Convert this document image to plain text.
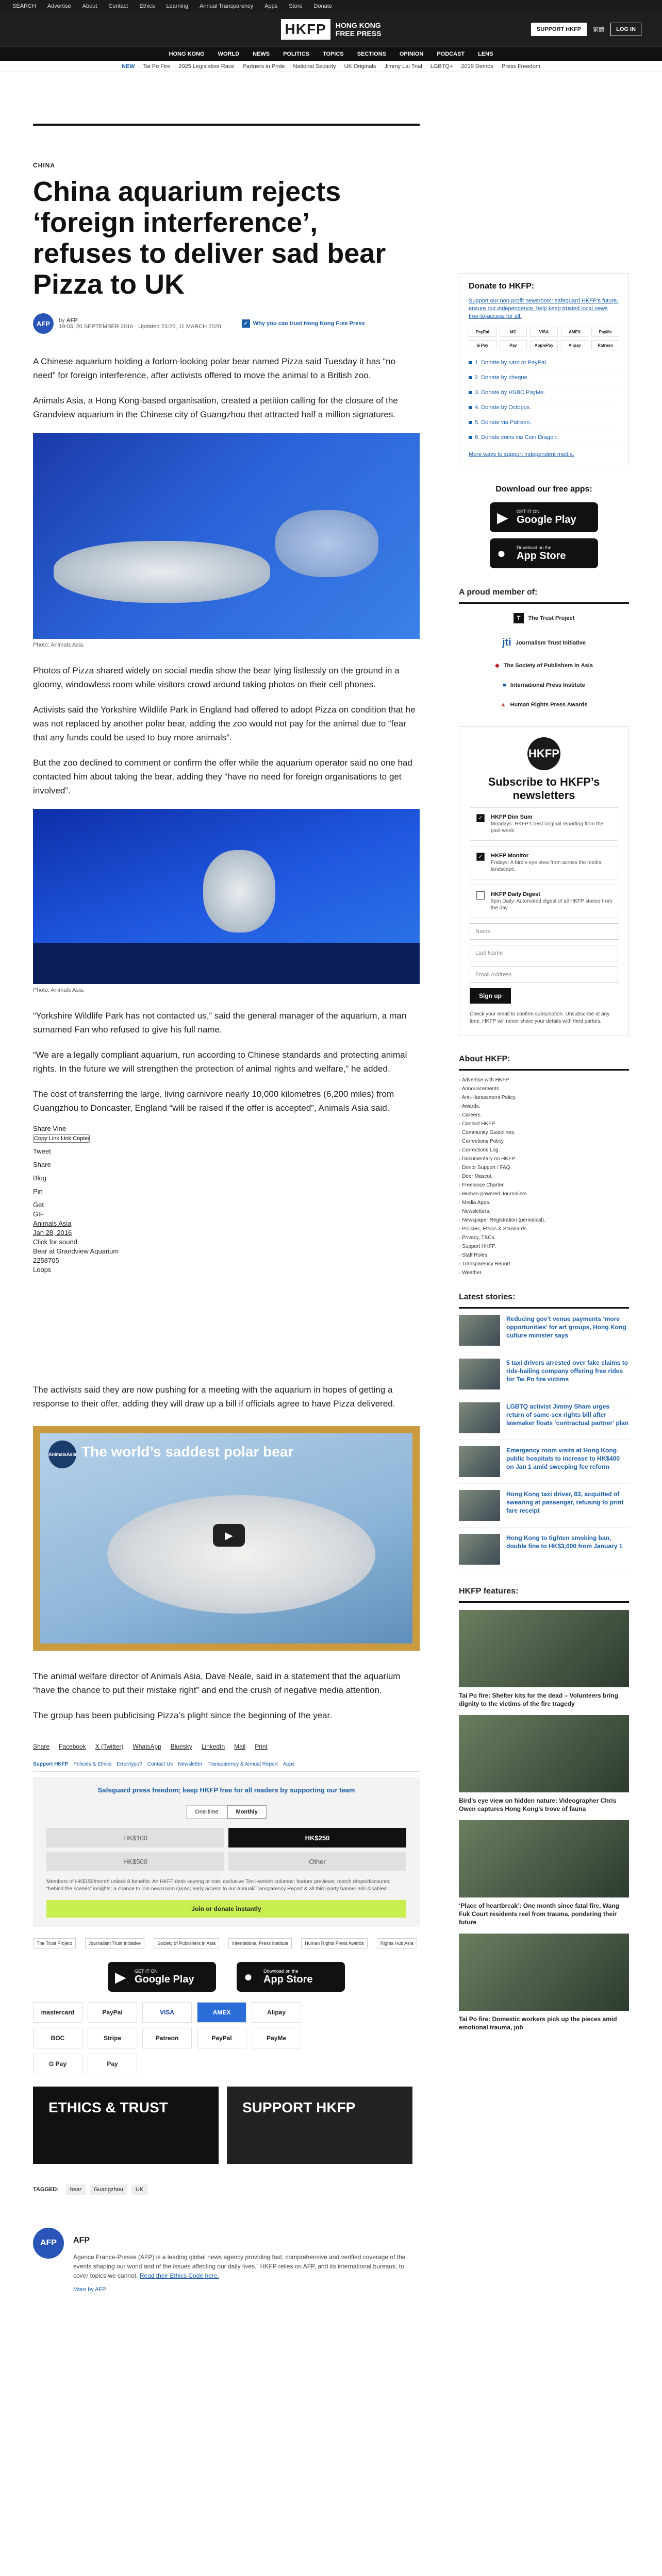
SEARCH Advertise About Contact Ethics Learning Annual Transparency Apps Store Donate
HKFP	HONG KONG
FREE PRESS	SUPPORT HKFP	繁體	LOG IN
HONG KONG WORLD NEWS POLITICS TOPICS SECTIONS OPINION PODCAST LENS
NEW Tai Po Fire 2025 Legislative Race Partners in Pride National Security UK Originals Jimmy Lai Trial LGBTQ+ 2019 Demos Press Freedom
CHINA
China aquarium rejects ‘foreign interference’, refuses to deliver sad bear Pizza to UK
AFP	by AFP
19:03, 20 SEPTEMBER 2016 · Updated 23:26, 11 MARCH 2020	✓ Why you can trust Hong Kong Free Press

A Chinese aquarium holding a forlorn-looking polar bear named Pizza said Tuesday it has “no need” for foreign interference, after activists offered to move the animal to a British zoo.

Animals Asia, a Hong Kong-based organisation, created a petition calling for the closure of the Grandview aquarium in the Chinese city of Guangzhou that attracted half a million signatures.

Photo: Animals Asia.

Photos of Pizza shared widely on social media show the bear lying listlessly on the ground in a gloomy, windowless room while visitors crowd around taking photos on their cell phones.

Activists said the Yorkshire Wildlife Park in England had offered to adopt Pizza on condition that he was not replaced by another polar bear, adding the zoo would not pay for the animal due to “fear that any funds could be used to buy more animals”.

But the zoo declined to comment or confirm the offer while the aquarium operator said no one had contacted him about taking the bear, adding they “have no need for foreign organisations to get involved”.

Photo: Animals Asia.

“Yorkshire Wildlife Park has not contacted us,” said the general manager of the aquarium, a man surnamed Fan who refused to give his full name.

“We are a legally compliant aquarium, run according to Chinese standards and protecting animal rights. In the future we will strengthen the protection of animal rights and welfare,” he added.

The cost of transferring the large, living carnivore nearly 10,000 kilometres (6,200 miles) from Guangzhou to Doncaster, England “will be raised if the offer is accepted”, Animals Asia said.

Share Vine
Copy Link Link Copied
Tweet
Share
Blog
Pin
Get
GIF
Animals Asia
Jan 28, 2016
Click for sound
Bear at Grandview Aquarium
2258705
Loops

The activists said they are now pushing for a meeting with the aquarium in hopes of getting a response to their offer, adding they will draw up a bill if officials agree to have Pizza delivered.

AnimalsAsia The world’s saddest polar bear
▶

The animal welfare director of Animals Asia, Dave Neale, said in a statement that the aquarium “have the chance to put their mistake right” and end the crush of negative media attention.

The group has been publicising Pizza’s plight since the beginning of the year.

Share Facebook X (Twitter) WhatsApp Bluesky LinkedIn Mail Print
Support HKFP Policies & Ethics Error/typo? Contact Us Newsletter Transparency & Annual Report Apps
Safeguard press freedom; keep HKFP free for all readers by supporting our team
One-time	Monthly
HK$100	HK$250
HK$500	Other
Members of HK$150/month unlock 8 benefits: An HKFP desk keyring or tote; exclusive Tim Hamlett columns; feature previews; merch drops/discounts; “behind the scenes” insights; a chance to join newsroom Q&As; early access to our Annual/Transparency Report & all third-party banner ads disabled.
Join or donate instantly
The Trust Project	Journalism Trust Initiative	Society of Publishers in Asia	International Press Institute	Human Rights Press Awards	Rights Hub Asia
▶ GET IT ON
Google Play	● Download on the
App Store
mastercard	PayPal	VISA	AMEX	Alipay
BOC	Stripe	Patreon	PayPal	PayMe
G Pay	Pay
ETHICS & TRUST	SUPPORT HKFP
TAGGED:	bear	Guangzhou	UK
AFP	AFP

Agence France-Presse (AFP) is a leading global news agency providing fast, comprehensive and verified coverage of the events shaping our world and of the issues affecting our daily lives.” HKFP relies on AFP, and its international bureaus, to cover topics we cannot. Read their Ethics Code here.

More by AFP
Donate to HKFP:
Support our non-profit newsroom: safeguard HKFP’s future, ensure our independence, help keep trusted local news free-to-access for all.
PayPal	MC	VISA	AMEX	PayMe
G Pay	Pay	ApplePay	Alipay	Patreon
1. Donate by card or PayPal.
2. Donate by cheque.
3. Donate by HSBC PayMe.
4. Donate by Octopus.
5. Donate via Patreon.
6. Donate coins via Coin Dragon.
More ways to support independent media.
Download our free apps:
▶ GET IT ON
Google Play
● Download on the
App Store
A proud member of:
T	The Trust Project
jti Journalism Trust Initiative
◆ The Society of Publishers in Asia
■ International Press Institute
▲ Human Rights Press Awards
HKFP
Subscribe to HKFP’s newsletters
✓	HKFP Dim Sum
Mondays: HKFP’s best original reporting from the past week.
✓	HKFP Monitor
Fridays: A bird’s-eye view from across the media landscape.
HKFP Daily Digest
6pm Daily: Automated digest of all HKFP stories from the day.
Name
Last Name
Email Address
Sign up
Check your email to confirm subscription. Unsubscribe at any time. HKFP will never share your details with third parties.
About HKFP:
› Advertise with HKFP.
› Announcements.
› Anti-Harassment Policy.
› Awards.
› Careers.
› Contact HKFP.
› Community Guidelines.
› Corrections Policy.
› Corrections Log.
› Documentary on HKFP.
› Donor Support / FAQ.
› Deer Mascot.
› Freelance Charter.
› Human-powered Journalism.
› Media Apps.
› Newsletters.
› Newspaper Registration (periodical).
› Policies, Ethics & Standards.
› Privacy, T&Cs.
› Support HKFP.
› Staff Roles.
› Transparency Report.
› Weather.
Latest stories:
Reducing gov’t venue payments ‘more opportunities’ for art groups, Hong Kong culture minister says
5 taxi drivers arrested over fake claims to ride-hailing company offering free rides for Tai Po fire victims
LGBTQ activist Jimmy Sham urges return of same-sex rights bill after lawmaker floats ‘contractual partner’ plan
Emergency room visits at Hong Kong public hospitals to increase to HK$400 on Jan 1 amid sweeping fee reform
Hong Kong taxi driver, 83, acquitted of swearing at passenger, refusing to print fare receipt
Hong Kong to tighten smoking ban, double fine to HK$3,000 from January 1
HKFP features:
Tai Po fire: Shelter kits for the dead – Volunteers bring dignity to the victims of the fire tragedy
Bird’s eye view on hidden nature: Videographer Chris Owen captures Hong Kong’s trove of fauna
‘Place of heartbreak’: One month since fatal fire, Wang Fuk Court residents reel from trauma, pondering their future
Tai Po fire: Domestic workers pick up the pieces amid emotional trauma, job
